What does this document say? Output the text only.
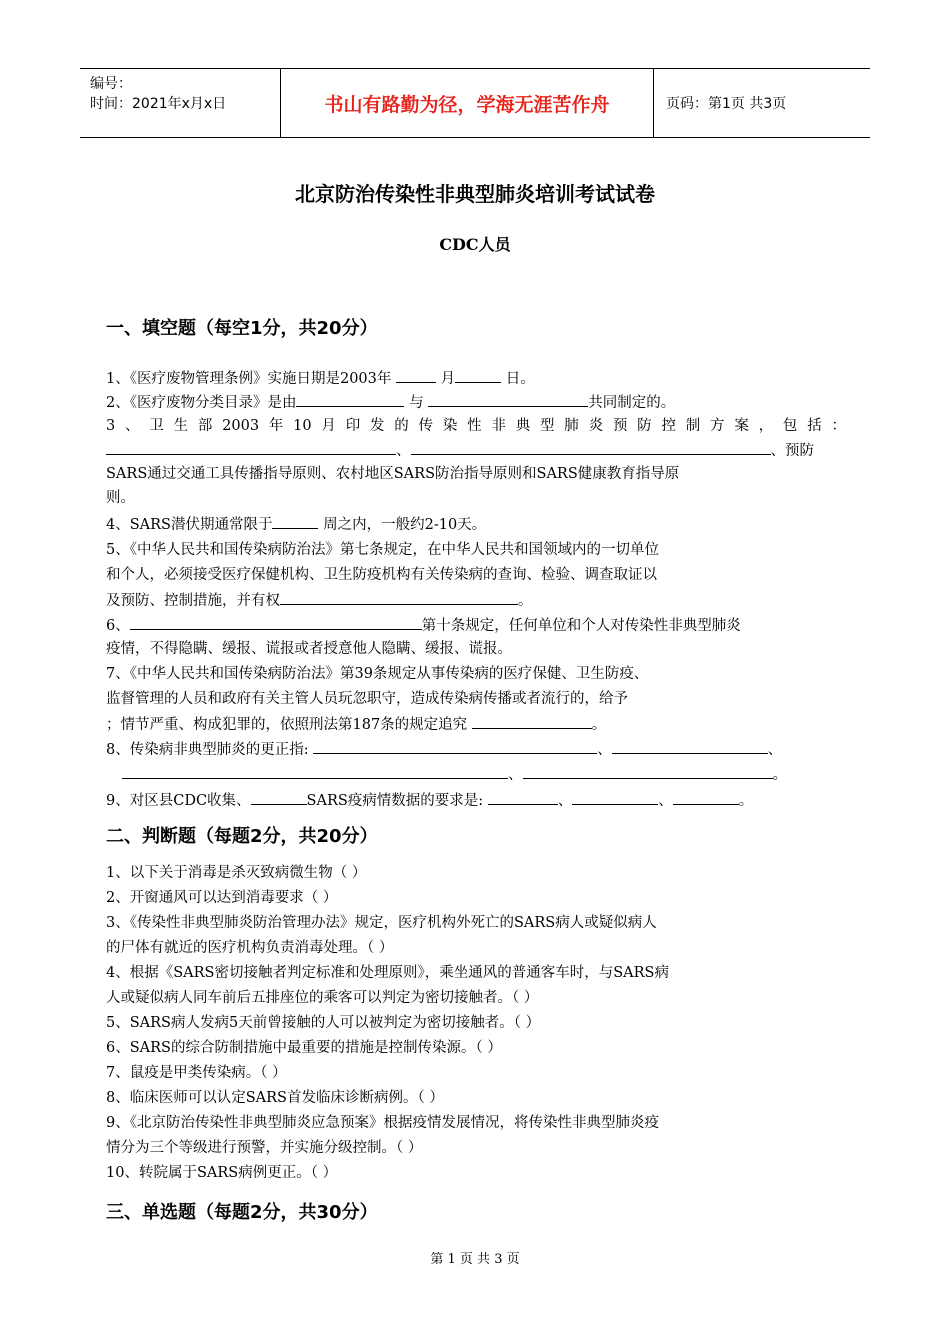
编号：
时间：2021年x月x日	书山有路勤为径，学海无涯苦作舟	页码：第1页 共3页
北京防治传染性非典型肺炎培训考试试卷
CDC人员
一、填空题（每空1分，共20分）
1、《医疗废物管理条例》实施日期是2003年	月	日。
2、《医疗废物分类目录》是由	与	共同制定的。
3、卫生部2003年10月印发的传染性非典型肺炎预防控制方案，包括：
、	、预防
SARS通过交通工具传播指导原则、农村地区SARS防治指导原则和SARS健康教育指导原
则。
4、SARS潜伏期通常限于	周之内，一般约2-10天。
5、《中华人民共和国传染病防治法》第七条规定，在中华人民共和国领域内的一切单位
和个人，必须接受医疗保健机构、卫生防疫机构有关传染病的查询、检验、调查取证以
及预防、控制措施，并有权	。
6、	第十条规定，任何单位和个人对传染性非典型肺炎
疫情，不得隐瞒、缓报、谎报或者授意他人隐瞒、缓报、谎报。
7、《中华人民共和国传染病防治法》第39条规定从事传染病的医疗保健、卫生防疫、
监督管理的人员和政府有关主管人员玩忽职守，造成传染病传播或者流行的，给予
；情节严重、构成犯罪的，依照刑法第187条的规定追究	。
8、传染病非典型肺炎的更正指:	、	、
、	。
9、对区县CDC收集、	SARS疫病情数据的要求是:	、	、	。
二、判断题（每题2分，共20分）
1、以下关于消毒是杀灭致病微生物（ ）
2、开窗通风可以达到消毒要求（ ）
3、《传染性非典型肺炎防治管理办法》规定，医疗机构外死亡的SARS病人或疑似病人
的尸体有就近的医疗机构负责消毒处理。（ ）
4、根据《SARS密切接触者判定标准和处理原则》，乘坐通风的普通客车时，与SARS病
人或疑似病人同车前后五排座位的乘客可以判定为密切接触者。（ ）
5、SARS病人发病5天前曾接触的人可以被判定为密切接触者。（ ）
6、SARS的综合防制措施中最重要的措施是控制传染源。（ ）
7、鼠疫是甲类传染病。（ ）
8、临床医师可以认定SARS首发临床诊断病例。（ ）
9、《北京防治传染性非典型肺炎应急预案》根据疫情发展情况，将传染性非典型肺炎疫
情分为三个等级进行预警，并实施分级控制。（ ）
10、转院属于SARS病例更正。（ ）
三、单选题（每题2分，共30分）
第 1 页 共 3 页
